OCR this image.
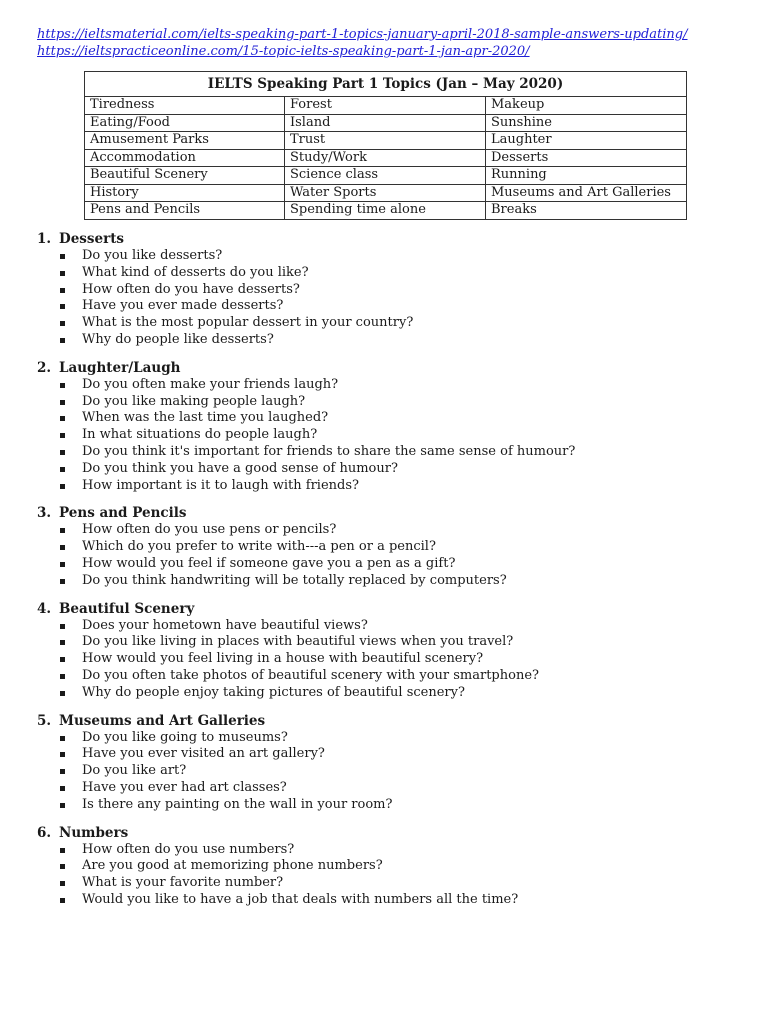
https://ieltsmaterial.com/ielts-speaking-part-1-topics-january-april-2018-sample-answers-updating/
https://ieltspracticeonline.com/15-topic-ielts-speaking-part-1-jan-apr-2020/
IELTS Speaking Part 1 Topics (Jan – May 2020)		
Tiredness	Forest	Makeup
Eating/Food	Island	Sunshine
Amusement Parks	Trust	Laughter
Accommodation	Study/Work	Desserts
Beautiful Scenery	Science class	Running
History	Water Sports	Museums and Art Galleries
Pens and Pencils	Spending time alone	Breaks
1. Desserts
Do you like desserts?
What kind of desserts do you like?
How often do you have desserts?
Have you ever made desserts?
What is the most popular dessert in your country?
Why do people like desserts?
2. Laughter/Laugh
Do you often make your friends laugh?
Do you like making people laugh?
When was the last time you laughed?
In what situations do people laugh?
Do you think it's important for friends to share the same sense of humour?
Do you think you have a good sense of humour?
How important is it to laugh with friends?
3. Pens and Pencils
How often do you use pens or pencils?
Which do you prefer to write with---a pen or a pencil?
How would you feel if someone gave you a pen as a gift?
Do you think handwriting will be totally replaced by computers?
4. Beautiful Scenery
Does your hometown have beautiful views?
Do you like living in places with beautiful views when you travel?
How would you feel living in a house with beautiful scenery?
Do you often take photos of beautiful scenery with your smartphone?
Why do people enjoy taking pictures of beautiful scenery?
5. Museums and Art Galleries
Do you like going to museums?
Have you ever visited an art gallery?
Do you like art?
Have you ever had art classes?
Is there any painting on the wall in your room?
6. Numbers
How often do you use numbers?
Are you good at memorizing phone numbers?
What is your favorite number?
Would you like to have a job that deals with numbers all the time?
